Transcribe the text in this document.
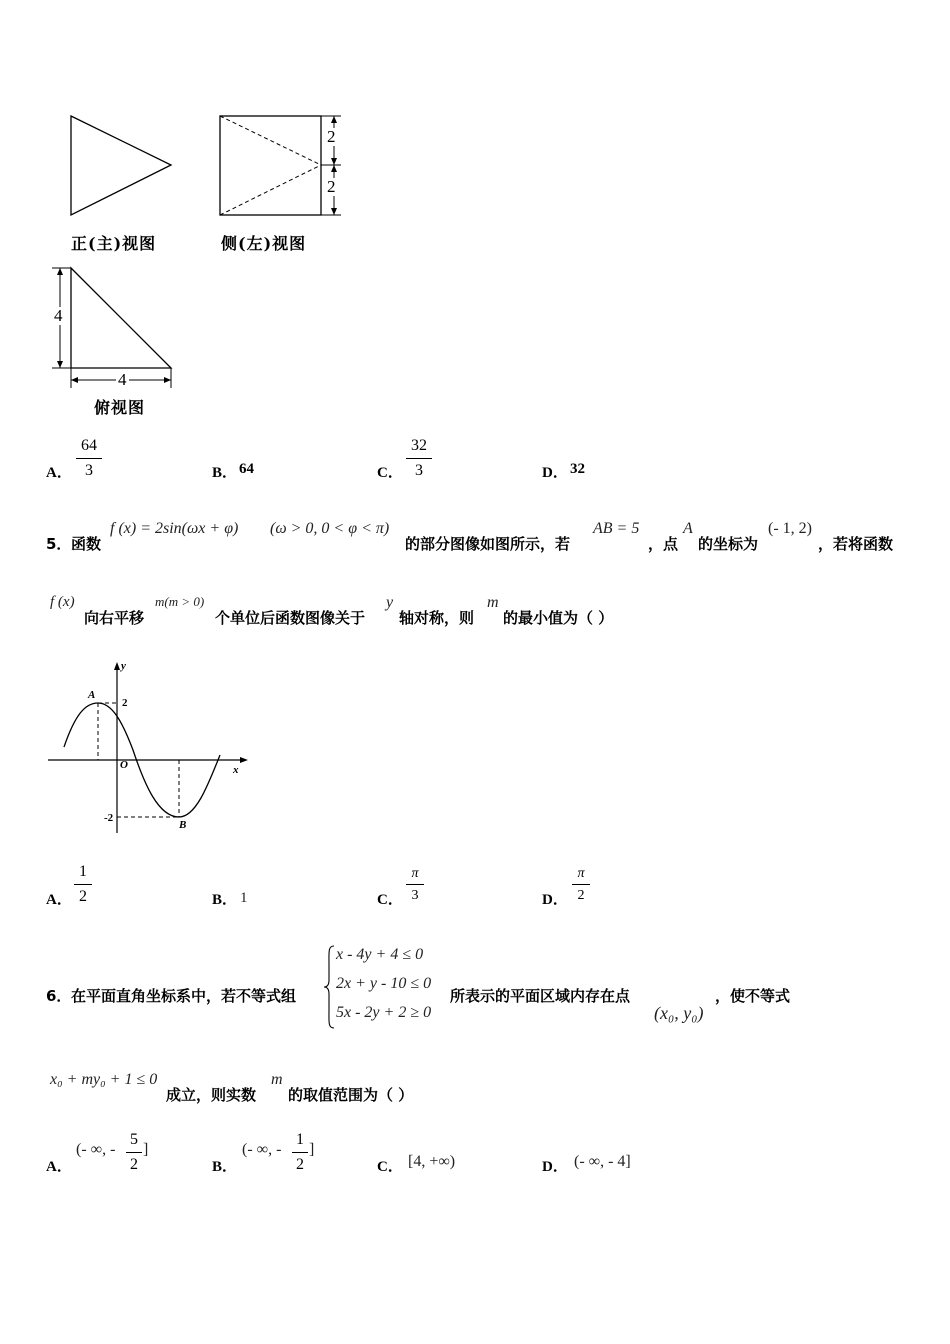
2
2
4
4
正(主)视图	侧(左)视图
俯视图
A．
64
3	B． 64	C．
32
3	D． 32
5． 函数
f (x) = 2sin(ωx + φ) (ω > 0, 0 < φ < π)
的部分图像如图所示，若
AB = 5
，点
A
的坐标为
(- 1, 2)
，若将函数
f (x)
向右平移
m(m > 0)
个单位后函数图像关于
y
轴对称，则
m
的最小值为（ ）
y
x
O
A
B
2
-2
A．
1
2	B． 1	C．
π
3	D．
π
2
6． 在平面直角坐标系中，若不等式组
x - 4y + 4 ≤ 0
2x + y - 10 ≤ 0
5x - 2y + 2 ≥ 0
所表示的平面区域内存在点
(x₀, y₀)
，使不等式
x₀ + my₀ + 1 ≤ 0
成立，则实数
m
的取值范围为（ ）
A．
(- ∞, -
5
2
]
B．
(- ∞, -
1
2
]
C． [4, +∞)	D． (- ∞, - 4]
